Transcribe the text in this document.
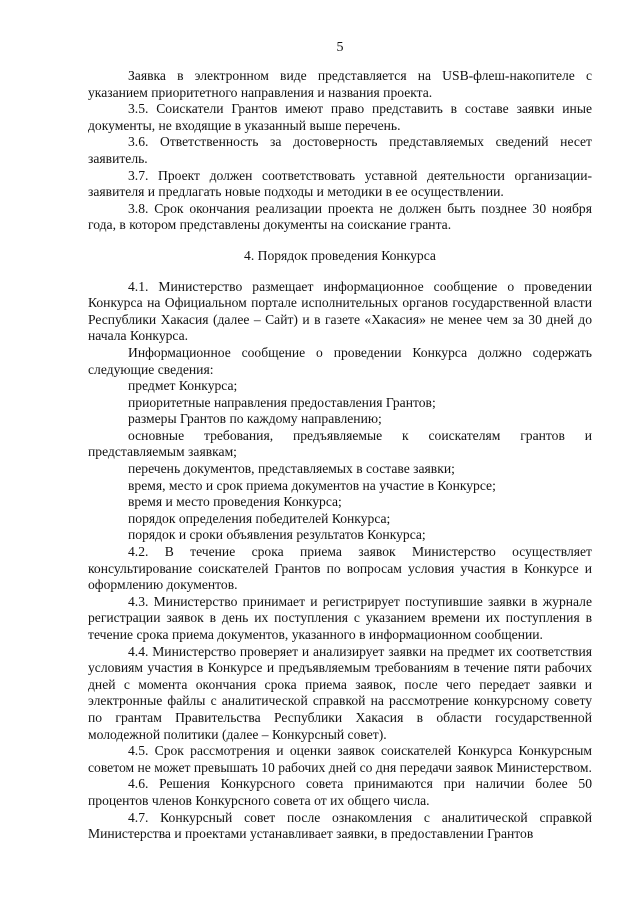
5

Заявка в электронном виде представляется на USB-флеш-накопителе с указанием приоритетного направления и названия проекта.

3.5. Соискатели Грантов имеют право представить в составе заявки иные документы, не входящие в указанный выше перечень.

3.6. Ответственность за достоверность представляемых сведений несет заявитель.

3.7. Проект должен соответствовать уставной деятельности организации-заявителя и предлагать новые подходы и методики в ее осуществлении.

3.8. Срок окончания реализации проекта не должен быть позднее 30 ноября года, в котором представлены документы на соискание гранта.

4. Порядок проведения Конкурса

4.1. Министерство размещает информационное сообщение о проведении Конкурса на Официальном портале исполнительных органов государственной власти Республики Хакасия (далее – Сайт) и в газете «Хакасия» не менее чем за 30 дней до начала Конкурса.

Информационное сообщение о проведении Конкурса должно содержать следующие сведения:

предмет Конкурса;

приоритетные направления предоставления Грантов;

размеры Грантов по каждому направлению;

основные требования, предъявляемые к соискателям грантов и представляемым заявкам;

перечень документов, представляемых в составе заявки;

время, место и срок приема документов на участие в Конкурсе;

время и место проведения Конкурса;

порядок определения победителей Конкурса;

порядок и сроки объявления результатов Конкурса;

4.2. В течение срока приема заявок Министерство осуществляет консультирование соискателей Грантов по вопросам условия участия в Конкурсе и оформлению документов.

4.3. Министерство принимает и регистрирует поступившие заявки в журнале регистрации заявок в день их поступления с указанием времени их поступления в течение срока приема документов, указанного в информационном сообщении.

4.4. Министерство проверяет и анализирует заявки на предмет их соответствия условиям участия в Конкурсе и предъявляемым требованиям в течение пяти рабочих дней с момента окончания срока приема заявок, после чего передает заявки и электронные файлы с аналитической справкой на рассмотрение конкурсному совету по грантам Правительства Республики Хакасия в области государственной молодежной политики (далее – Конкурсный совет).

4.5. Срок рассмотрения и оценки заявок соискателей Конкурса Конкурсным советом не может превышать 10 рабочих дней со дня передачи заявок Министерством.

4.6. Решения Конкурсного совета принимаются при наличии более 50 процентов членов Конкурсного совета от их общего числа.

4.7. Конкурсный совет после ознакомления с аналитической справкой Министерства и проектами устанавливает заявки, в предоставлении Грантов
